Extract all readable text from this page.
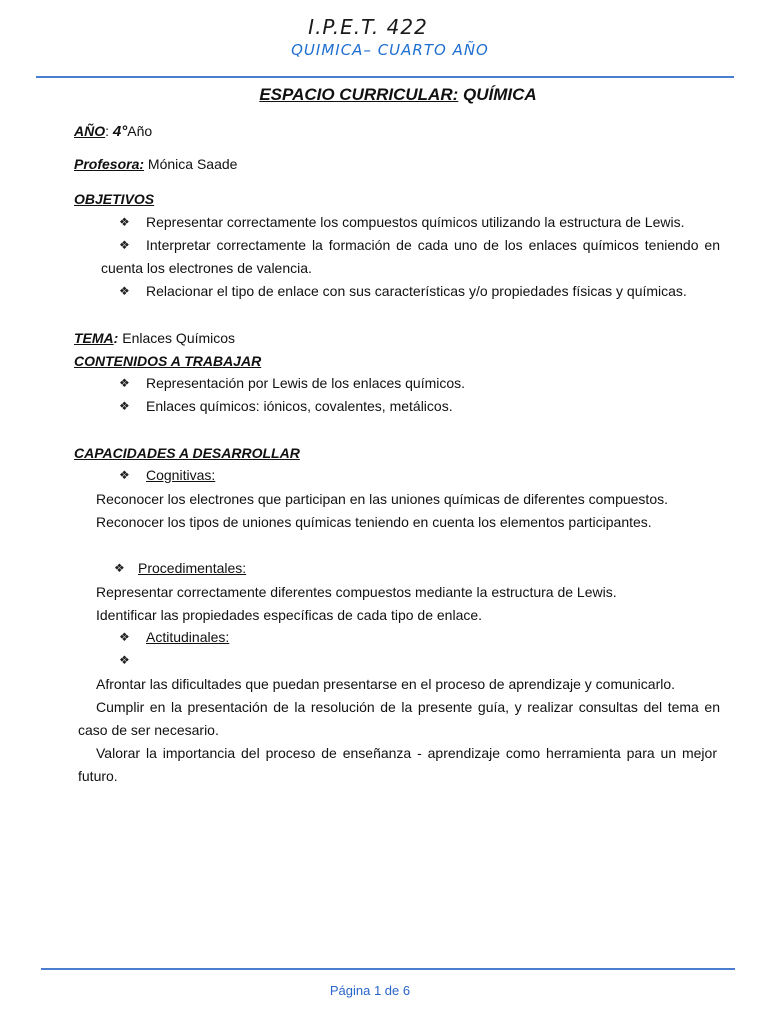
I.P.E.T. 422
QUIMICA– CUARTO AÑO
ESPACIO CURRICULAR: QUÍMICA
AÑO: 4°Año
Profesora: Mónica Saade
OBJETIVOS
❖ Representar correctamente los compuestos químicos utilizando la estructura de Lewis.
❖ Interpretar correctamente la formación de cada uno de los enlaces químicos teniendo en
cuenta los electrones de valencia.
❖ Relacionar el tipo de enlace con sus características y/o propiedades físicas y químicas.
TEMA: Enlaces Químicos
CONTENIDOS A TRABAJAR
❖ Representación por Lewis de los enlaces químicos.
❖ Enlaces químicos: iónicos, covalentes, metálicos.
CAPACIDADES A DESARROLLAR
❖ Cognitivas:
Reconocer los electrones que participan en las uniones químicas de diferentes compuestos.
Reconocer los tipos de uniones químicas teniendo en cuenta los elementos participantes.
❖ Procedimentales:
Representar correctamente diferentes compuestos mediante la estructura de Lewis.
Identificar las propiedades específicas de cada tipo de enlace.
❖ Actitudinales:
❖
Afrontar las dificultades que puedan presentarse en el proceso de aprendizaje y comunicarlo.
Cumplir en la presentación de la resolución de la presente guía, y realizar consultas del tema en
caso de ser necesario.
Valorar la importancia del proceso de enseñanza - aprendizaje como herramienta para un mejor
futuro.
Página 1 de 6
